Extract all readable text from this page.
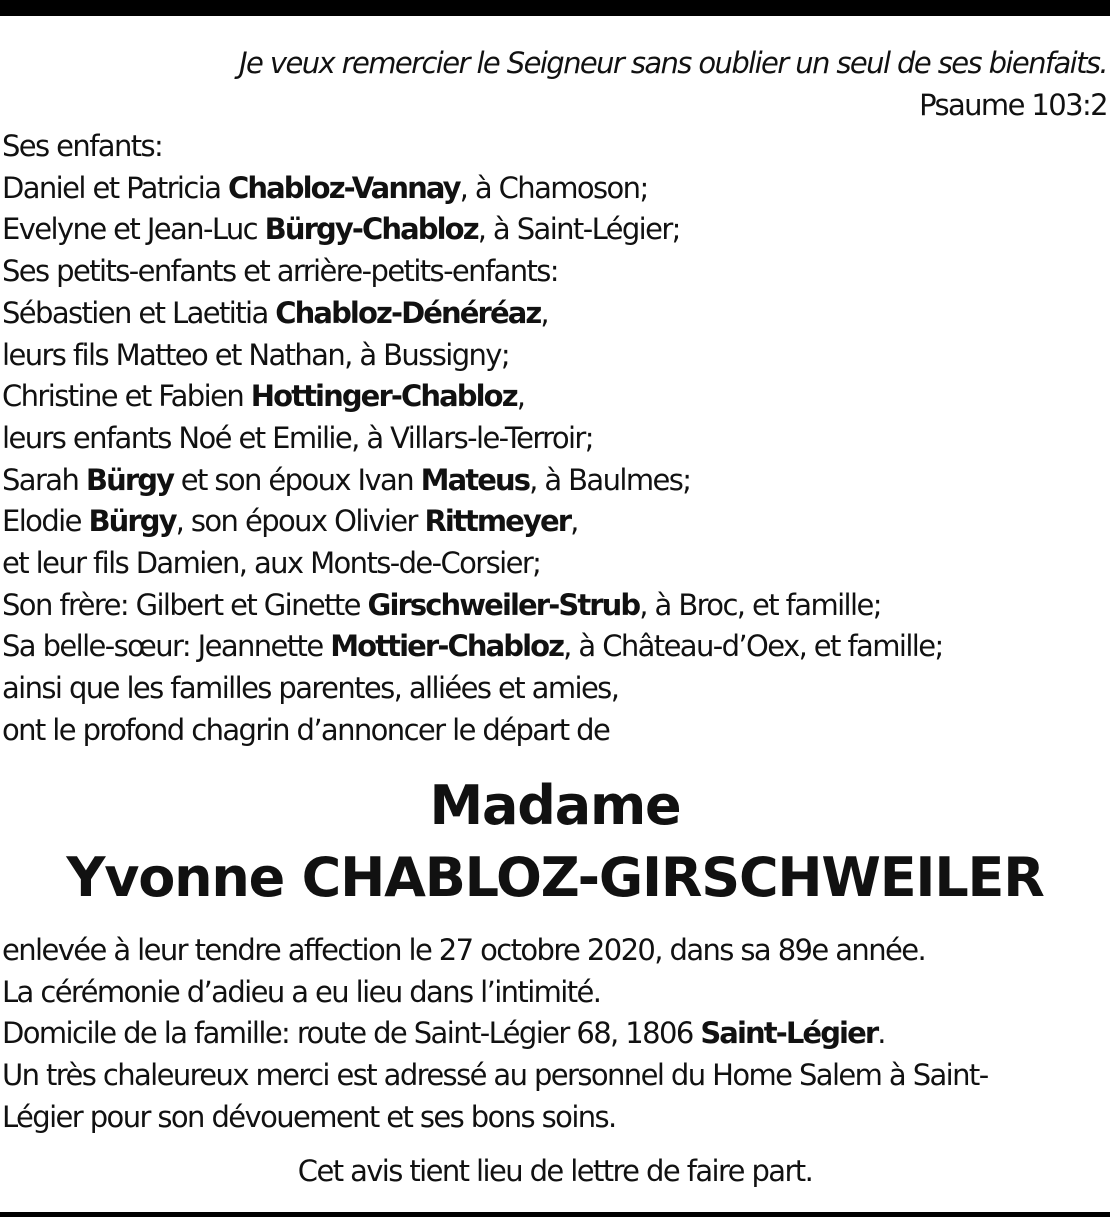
Je veux remercier le Seigneur sans oublier un seul de ses bienfaits.
Psaume 103:2
Ses enfants:
Daniel et Patricia Chabloz-Vannay, à Chamoson;
Evelyne et Jean-Luc Bürgy-Chabloz, à Saint-Légier;
Ses petits-enfants et arrière-petits-enfants:
Sébastien et Laetitia Chabloz-Dénéréaz,
leurs fils Matteo et Nathan, à Bussigny;
Christine et Fabien Hottinger-Chabloz,
leurs enfants Noé et Emilie, à Villars-le-Terroir;
Sarah Bürgy et son époux Ivan Mateus, à Baulmes;
Elodie Bürgy, son époux Olivier Rittmeyer,
et leur fils Damien, aux Monts-de-Corsier;
Son frère: Gilbert et Ginette Girschweiler-Strub, à Broc, et famille;
Sa belle-sœur: Jeannette Mottier-Chabloz, à Château-d’Oex, et famille;
ainsi que les familles parentes, alliées et amies,
ont le profond chagrin d’annoncer le départ de
Madame
Yvonne CHABLOZ-GIRSCHWEILER
enlevée à leur tendre affection le 27 octobre 2020, dans sa 89e année.
La cérémonie d’adieu a eu lieu dans l’intimité.
Domicile de la famille: route de Saint-Légier 68, 1806 Saint-Légier.
Un très chaleureux merci est adressé au personnel du Home Salem à Saint-
Légier pour son dévouement et ses bons soins.
Cet avis tient lieu de lettre de faire part.
